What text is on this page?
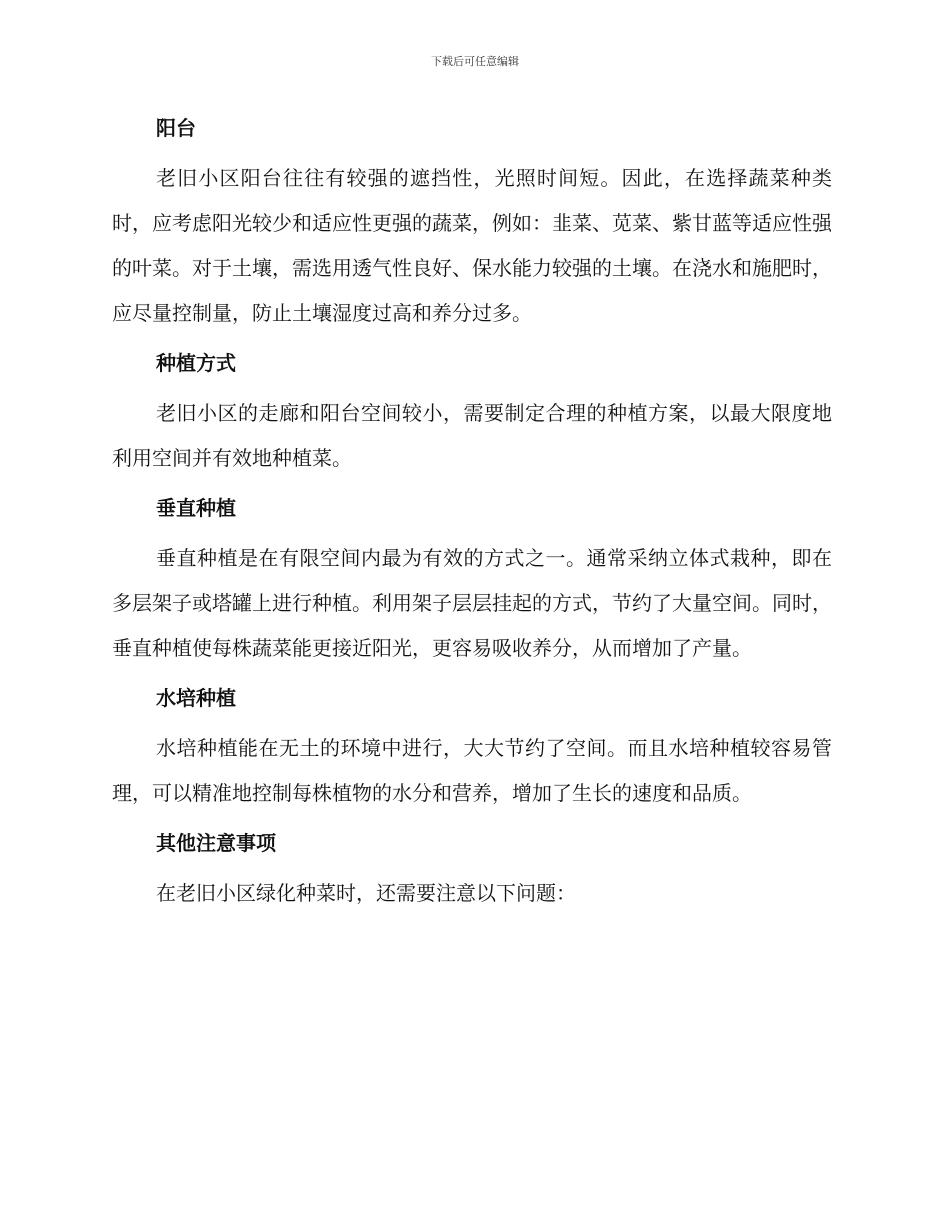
下载后可任意编辑
阳台

老旧小区阳台往往有较强的遮挡性，光照时间短。因此，在选择蔬菜种类时，应考虑阳光较少和适应性更强的蔬菜，例如：韭菜、苋菜、紫甘蓝等适应性强的叶菜。对于土壤，需选用透气性良好、保水能力较强的土壤。在浇水和施肥时，应尽量控制量，防止土壤湿度过高和养分过多。

种植方式

老旧小区的走廊和阳台空间较小，需要制定合理的种植方案，以最大限度地利用空间并有效地种植菜。

垂直种植

垂直种植是在有限空间内最为有效的方式之一。通常采纳立体式栽种，即在多层架子或塔罐上进行种植。利用架子层层挂起的方式，节约了大量空间。同时，垂直种植使每株蔬菜能更接近阳光，更容易吸收养分，从而增加了产量。

水培种植

水培种植能在无土的环境中进行，大大节约了空间。而且水培种植较容易管理，可以精准地控制每株植物的水分和营养，增加了生长的速度和品质。

其他注意事项

在老旧小区绿化种菜时，还需要注意以下问题：
